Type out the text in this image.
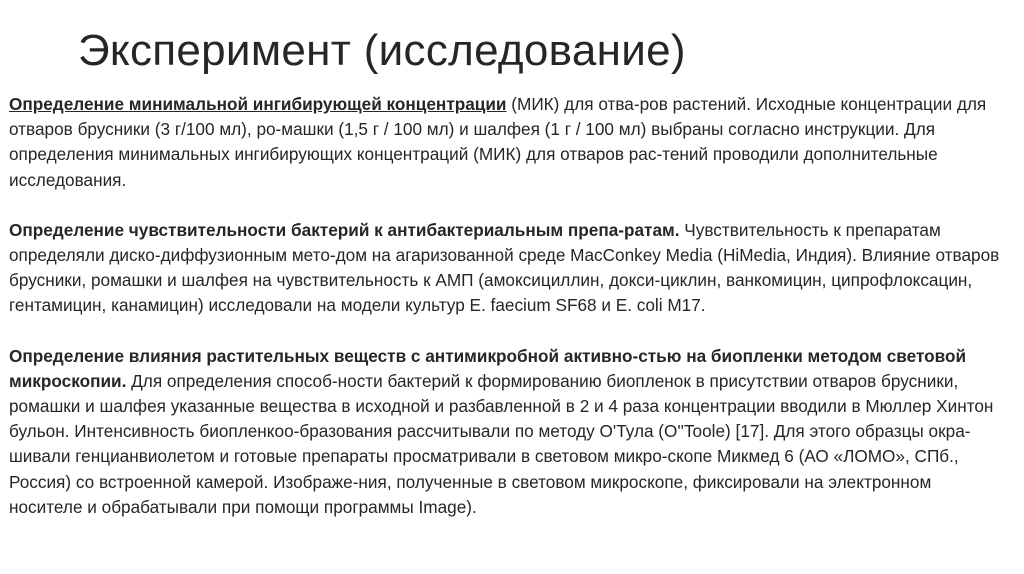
Эксперимент (исследование)

Определение минимальной ингибирующей концентрации (МИК) для отва-ров растений. Исходные концентрации для отваров брусники (3 г/100 мл), ро-машки (1,5 г / 100 мл) и шалфея (1 г / 100 мл) выбраны согласно инструкции. Для определения минимальных ингибирующих концентраций (МИК) для отваров рас-тений проводили дополнительные исследования.

Определение чувствительности бактерий к антибактериальным препа-ратам. Чувствительность к препаратам определяли диско-диффузионным мето-дом на агаризованной среде MacConkey Media (HiMedia, Индия). Влияние отваров брусники, ромашки и шалфея на чувствительность к АМП (амоксициллин, докси-циклин, ванкомицин, ципрофлоксацин, гентамицин, канамицин) исследовали на модели культур E. faecium SF68 и E. coli M17.

Определение влияния растительных веществ с антимикробной активно-стью на биопленки методом световой микроскопии. Для определения способ-ности бактерий к формированию биопленок в присутствии отваров брусники, ромашки и шалфея указанные вещества в исходной и разбавленной в 2 и 4 раза концентрации вводили в Мюллер Хинтон бульон. Интенсивность биопленкоо-бразования рассчитывали по методу O'Тула (O''Toole) [17]. Для этого образцы окра-шивали генцианвиолетом и готовые препараты просматривали в световом микро-скопе Микмед 6 (АО «ЛОМО», СПб., Россия) со встроенной камерой. Изображе-ния, полученные в световом микроскопе, фиксировали на электронном носителе и обрабатывали при помощи программы Image).
